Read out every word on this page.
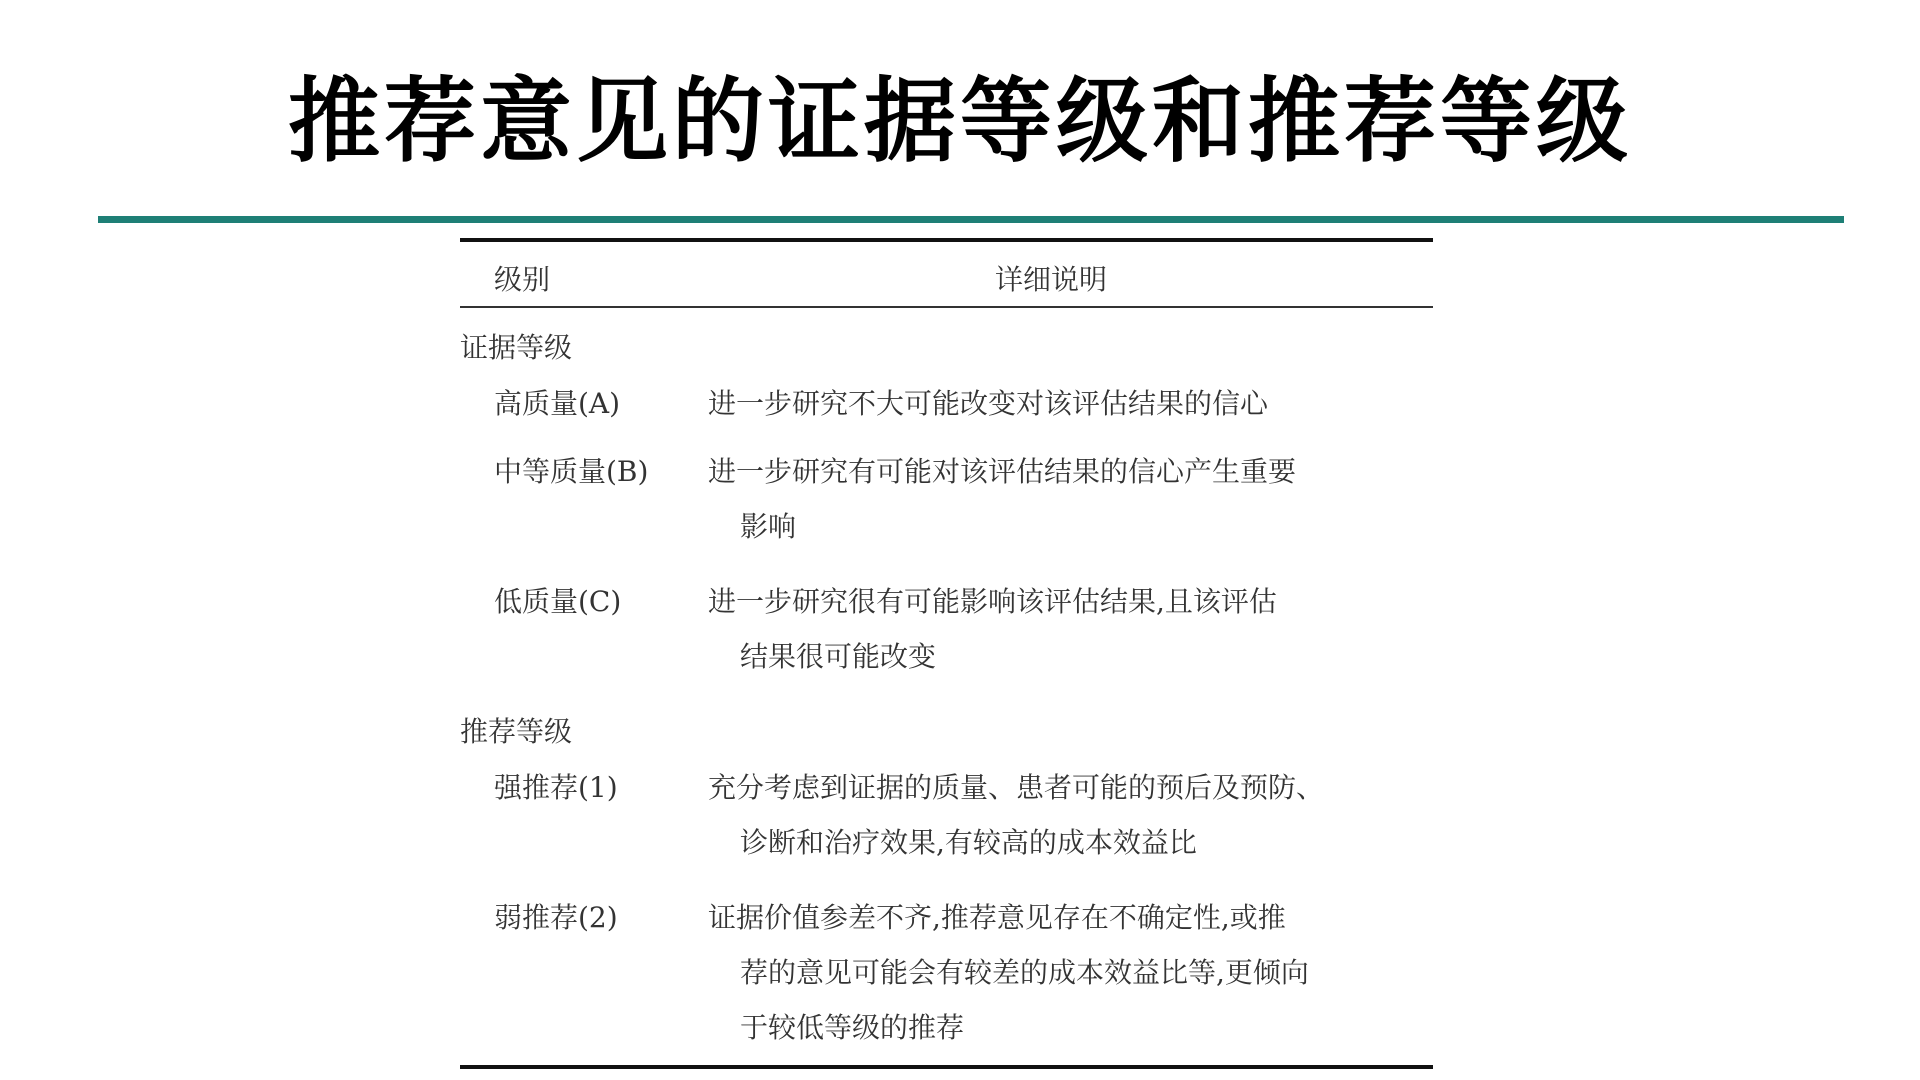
推荐意见的证据等级和推荐等级
级别	详细说明
证据等级
高质量(A)	进一步研究不大可能改变对该评估结果的信心
中等质量(B) 进一步研究有可能对该评估结果的信心产生重要
影响
低质量(C)	进一步研究很有可能影响该评估结果,且该评估
结果很可能改变
推荐等级
强推荐(1)	充分考虑到证据的质量、患者可能的预后及预防、
诊断和治疗效果,有较高的成本效益比
弱推荐(2)	证据价值参差不齐,推荐意见存在不确定性,或推
荐的意见可能会有较差的成本效益比等,更倾向
于较低等级的推荐
